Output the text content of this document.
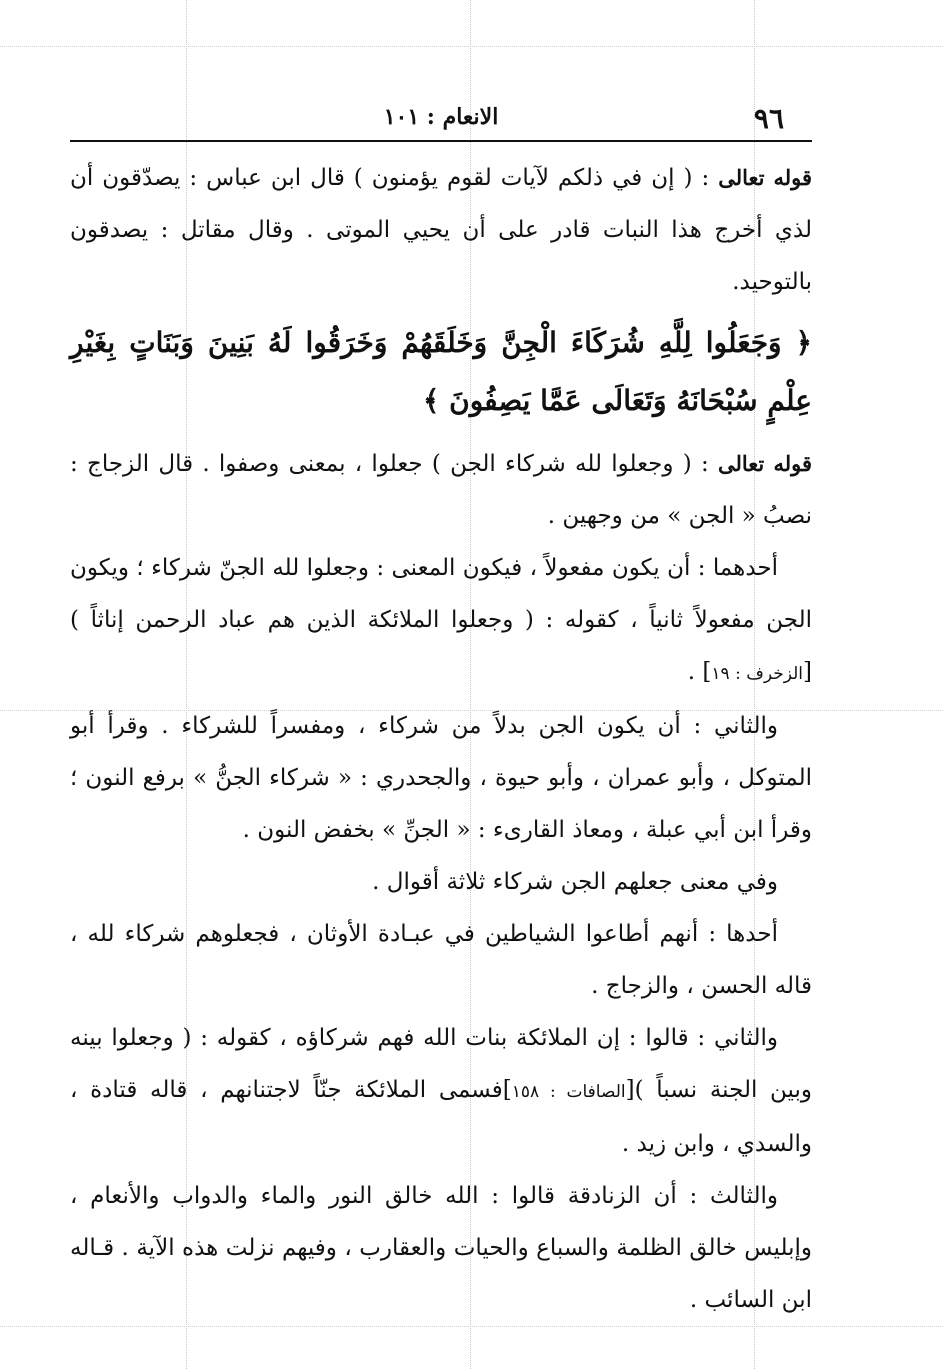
٩٦
الانعام : ١٠١

قوله تعالى : ( إن في ذلكم لآيات لقوم يؤمنون ) قال ابن عباس : يصدّقون أن لذي أخرج هذا النبات قادر على أن يحيي الموتى . وقال مقاتل : يصدقون بالتوحيد.

﴿ وَجَعَلُوا لِلَّهِ شُرَكَاءَ الْجِنَّ وَخَلَقَهُمْ وَخَرَقُوا لَهُ بَنِينَ وَبَنَاتٍ بِغَيْرِ عِلْمٍ سُبْحَانَهُ وَتَعَالَى عَمَّا يَصِفُونَ ﴾

قوله تعالى : ( وجعلوا لله شركاء الجن ) جعلوا ، بمعنى وصفوا . قال الزجاج : نصبُ « الجن » من وجهين .

أحدهما : أن يكون مفعولاً ، فيكون المعنى : وجعلوا لله الجنّ شركاء ؛ ويكون الجن مفعولاً ثانياً ، كقوله : ( وجعلوا الملائكة الذين هم عباد الرحمن إناثاً ) [الزخرف : ١٩] .

والثاني : أن يكون الجن بدلاً من شركاء ، ومفسراً للشركاء . وقرأ أبو المتوكل ، وأبو عمران ، وأبو حيوة ، والجحدري : « شركاء الجنُّ » برفع النون ؛ وقرأ ابن أبي عبلة ، ومعاذ القارىء : « الجنِّ » بخفض النون .

وفي معنى جعلهم الجن شركاء ثلاثة أقوال .

أحدها : أنهم أطاعوا الشياطين في عبـادة الأوثان ، فجعلوهم شركاء لله ، قاله الحسن ، والزجاج .

والثاني : قالوا : إن الملائكة بنات الله فهم شركاؤه ، كقوله : ( وجعلوا بينه وبين الجنة نسباً )[الصافات : ١٥٨]فسمى الملائكة جنّاً لاجتنانهم ، قاله قتادة ، والسدي ، وابن زيد .

والثالث : أن الزنادقة قالوا : الله خالق النور والماء والدواب والأنعام ، وإبليس خالق الظلمة والسباع والحيات والعقارب ، وفيهم نزلت هذه الآية . قـاله ابن السائب .
